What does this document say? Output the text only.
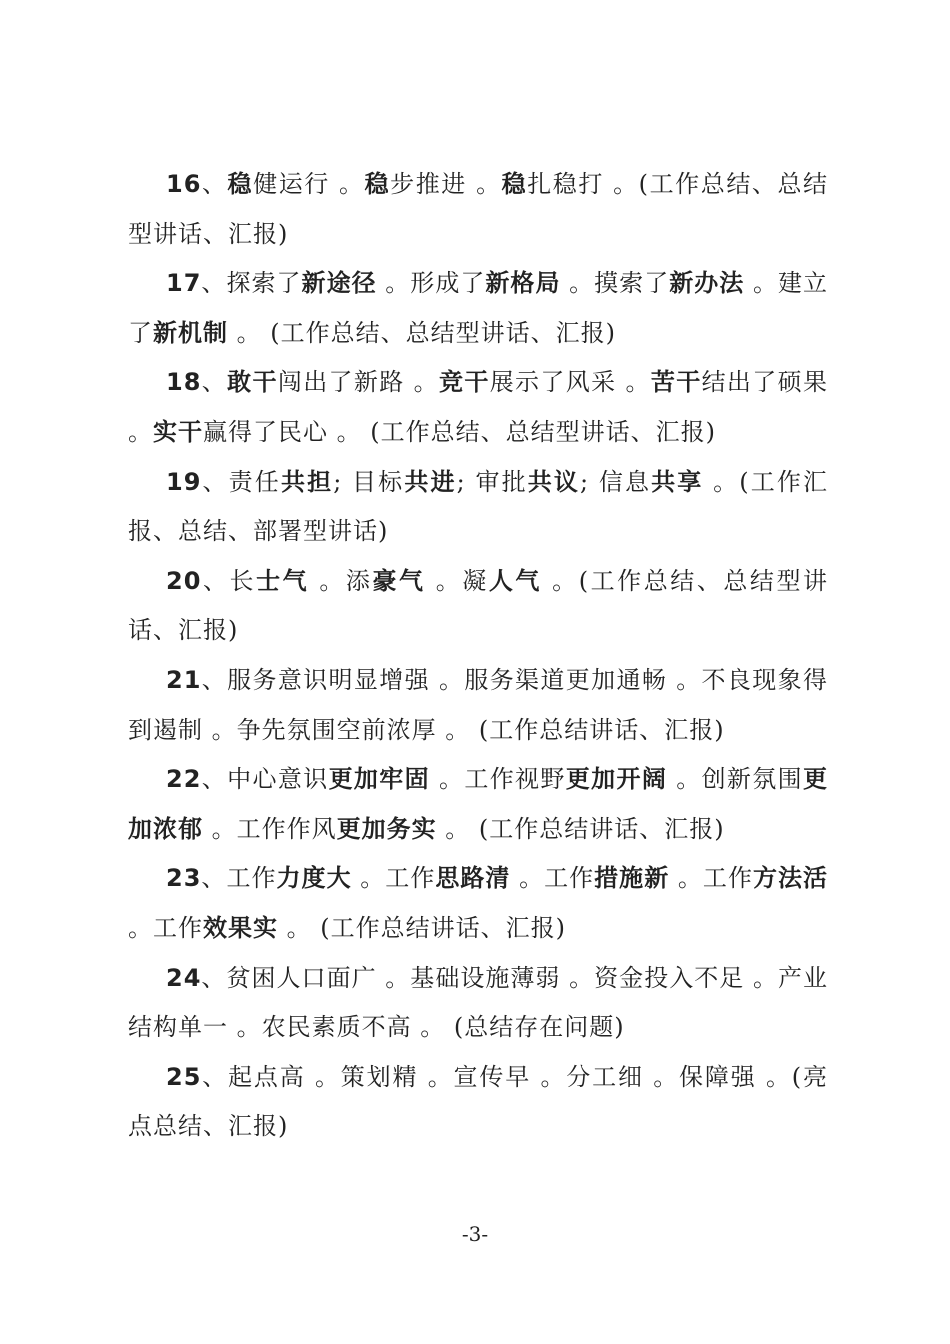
16、稳健运行 。稳步推进 。稳扎稳打 。(工作总结、总结型讲话、汇报)

17、探索了新途径 。形成了新格局 。摸索了新办法 。建立了新机制 。 (工作总结、总结型讲话、汇报)

18、敢干闯出了新路 。竞干展示了风采 。苦干结出了硕果 。实干赢得了民心 。 (工作总结、总结型讲话、汇报)

19、责任共担; 目标共进; 审批共议; 信息共享 。(工作汇报、总结、部署型讲话)

20、长士气 。添豪气 。凝人气 。(工作总结、总结型讲话、汇报)

21、服务意识明显增强 。服务渠道更加通畅 。不良现象得到遏制 。争先氛围空前浓厚 。 (工作总结讲话、汇报)

22、中心意识更加牢固 。工作视野更加开阔 。创新氛围更加浓郁 。工作作风更加务实 。 (工作总结讲话、汇报)

23、工作力度大 。工作思路清 。工作措施新 。工作方法活 。工作效果实 。 (工作总结讲话、汇报)

24、贫困人口面广 。基础设施薄弱 。资金投入不足 。产业结构单一 。农民素质不高 。 (总结存在问题)

25、起点高 。策划精 。宣传早 。分工细 。保障强 。(亮点总结、汇报)

-3-
